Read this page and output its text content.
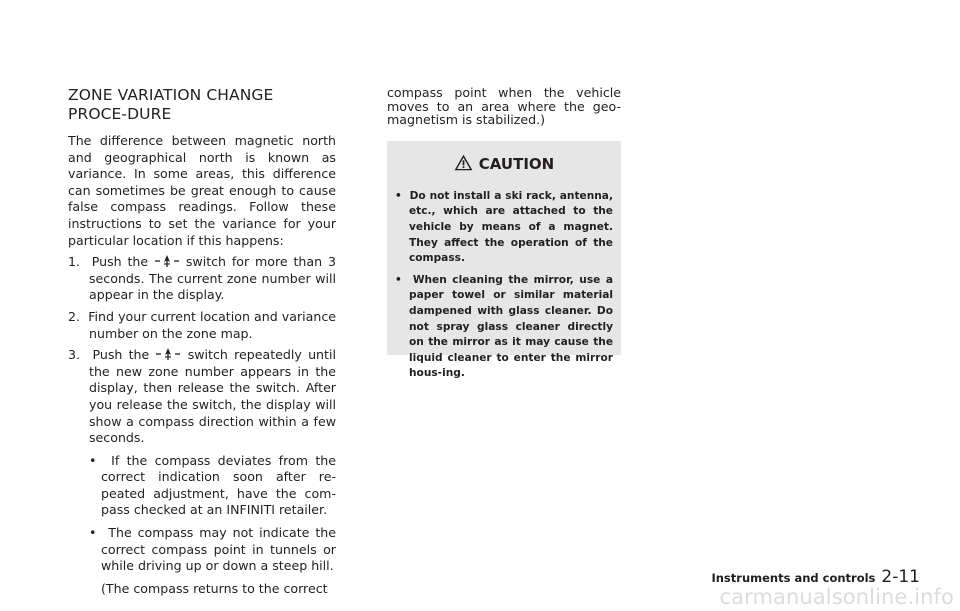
ZONE VARIATION CHANGE PROCE-DURE

The difference between magnetic north and geographical north is known as variance. In some areas, this difference can sometimes be great enough to cause false compass readings. Follow these instructions to set the variance for your particular location if this happens:

1. Push the	switch for more than 3 seconds. The current zone number will appear in the display.

2. Find your current location and variance number on the zone map.

3. Push the	switch repeatedly until the new zone number appears in the display, then release the switch. After you release the switch, the display will show a compass direction within a few seconds.

• If the compass deviates from the correct indication soon after re-peated adjustment, have the com-pass checked at an INFINITI retailer.

• The compass may not indicate the correct compass point in tunnels or while driving up or down a steep hill.

(The compass returns to the correct

compass point when the vehicle moves to an area where the geo-magnetism is stabilized.)

CAUTION

• Do not install a ski rack, antenna, etc., which are attached to the vehicle by means of a magnet. They affect the operation of the compass.

• When cleaning the mirror, use a paper towel or similar material dampened with glass cleaner. Do not spray glass cleaner directly on the mirror as it may cause the liquid cleaner to enter the mirror hous-ing.

Instruments and controls 2-11
carmanualsonline.info
